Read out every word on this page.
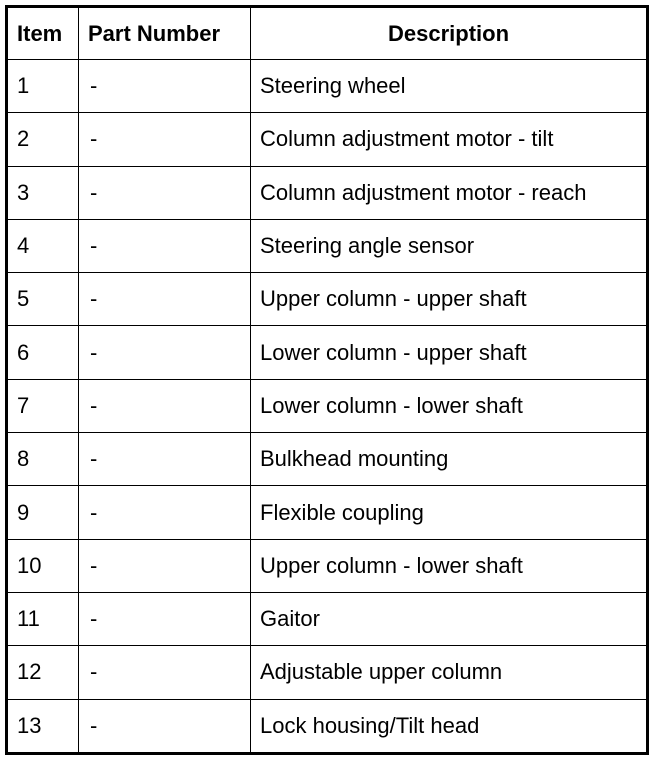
Item	Part Number	Description
1	-	Steering wheel
2	-	Column adjustment motor - tilt
3	-	Column adjustment motor - reach
4	-	Steering angle sensor
5	-	Upper column - upper shaft
6	-	Lower column - upper shaft
7	-	Lower column - lower shaft
8	-	Bulkhead mounting
9	-	Flexible coupling
10	-	Upper column - lower shaft
11	-	Gaitor
12	-	Adjustable upper column
13	-	Lock housing/Tilt head
